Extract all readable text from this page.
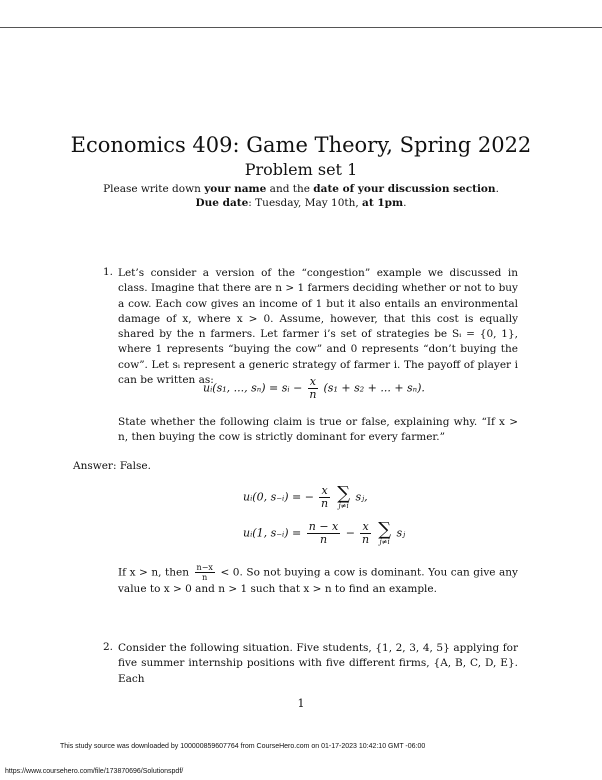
Economics 409: Game Theory, Spring 2022
Problem set 1
Please write down your name and the date of your discussion section.
Due date: Tuesday, May 10th, at 1pm.
1. Let’s consider a version of the “congestion” example we discussed in class. Imagine that there are n > 1 farmers deciding whether or not to buy a cow. Each cow gives an income of 1 but it also entails an environmental damage of x, where x > 0. Assume, however, that this cost is equally shared by the n farmers. Let farmer i’s set of strategies be Sᵢ = {0, 1}, where 1 represents “buying the cow” and 0 represents “don’t buying the cow”. Let sᵢ represent a generic strategy of farmer i. The payoff of player i can be written as:
uᵢ(s₁, ..., sₙ) = sᵢ − $\frac{x}{n} (s_1 + s_2$ + ... + sₙ).
State whether the following claim is true or false, explaining why. “If x > n, then buying the cow is strictly dominant for every farmer.”
Answer: False.
uᵢ(0, s₋ᵢ) = − $\frac{x}{n}$
∑
j≠i
sⱼ,
uᵢ(1, s₋ᵢ) = $\frac{n - x}{n} - \frac{x}{n}$
∑
j≠i
sⱼ
If x > n, then $\frac{n-x}{n} < 0$. So not buying a cow is dominant. You can give any value to x > 0 and n > 1 such that x > n to find an example.
2. Consider the following situation. Five students, {1, 2, 3, 4, 5} applying for five summer internship positions with five different firms, {A, B, C, D, E}. Each
1
This study source was downloaded by 100000859607764 from CourseHero.com on 01-17-2023 10:42:10 GMT -06:00
https://www.coursehero.com/file/173870696/Solutionspdf/
